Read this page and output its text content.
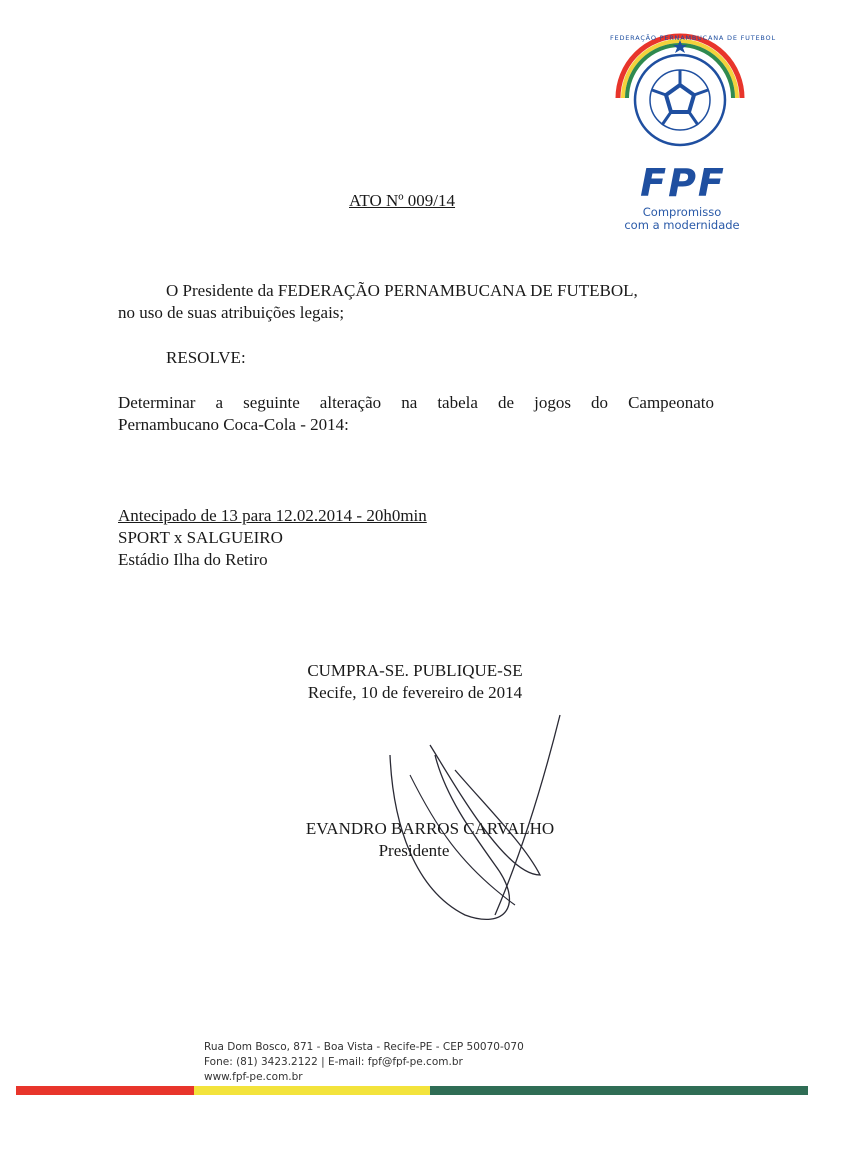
FEDERAÇÃO PERNAMBUCANA DE FUTEBOL
FPF
Compromisso
com a modernidade
ATO Nº 009/14
O Presidente da FEDERAÇÃO PERNAMBUCANA DE FUTEBOL,
no uso de suas atribuições legais;
RESOLVE:
Determinar a seguinte alteração na tabela de jogos do Campeonato
Pernambucano Coca-Cola - 2014:
Antecipado de 13 para 12.02.2014 - 20h0min
SPORT x SALGUEIRO
Estádio Ilha do Retiro
CUMPRA-SE. PUBLIQUE-SE
Recife, 10 de fevereiro de 2014
EVANDRO BARROS CARVALHO
Presidente
Rua Dom Bosco, 871 - Boa Vista - Recife-PE - CEP 50070-070
Fone: (81) 3423.2122 | E-mail: fpf@fpf-pe.com.br
www.fpf-pe.com.br
